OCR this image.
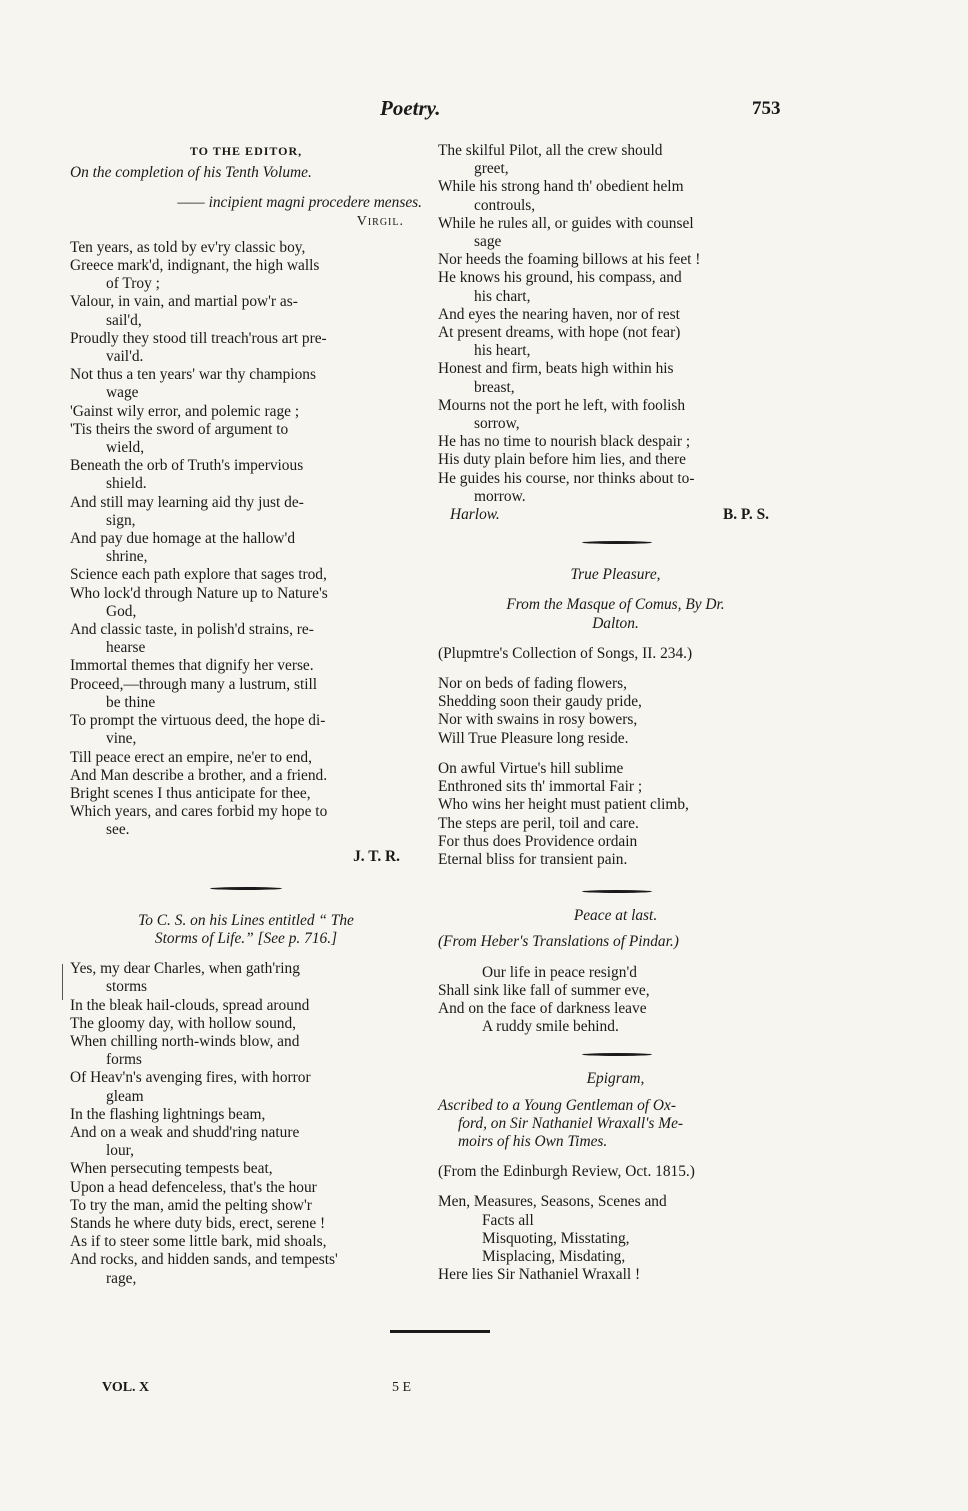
Poetry.	753
TO THE EDITOR,
On the completion of his Tenth Volume.
—— incipient magni procedere menses.
Virgil.
Ten years, as told by ev'ry classic boy,
Greece mark'd, indignant, the high walls
of Troy ;
Valour, in vain, and martial pow'r as-
sail'd,
Proudly they stood till treach'rous art pre-
vail'd.
Not thus a ten years' war thy champions
wage
'Gainst wily error, and polemic rage ;
'Tis theirs the sword of argument to
wield,
Beneath the orb of Truth's impervious
shield.
And still may learning aid thy just de-
sign,
And pay due homage at the hallow'd
shrine,
Science each path explore that sages trod,
Who lock'd through Nature up to Nature's
God,
And classic taste, in polish'd strains, re-
hearse
Immortal themes that dignify her verse.
Proceed,—through many a lustrum, still
be thine
To prompt the virtuous deed, the hope di-
vine,
Till peace erect an empire, ne'er to end,
And Man describe a brother, and a friend.
Bright scenes I thus anticipate for thee,
Which years, and cares forbid my hope to
see.
J. T. R.
To C. S. on his Lines entitled “ The
Storms of Life.” [See p. 716.]
Yes, my dear Charles, when gath'ring
storms
In the bleak hail-clouds, spread around
The gloomy day, with hollow sound,
When chilling north-winds blow, and
forms
Of Heav'n's avenging fires, with horror
gleam
In the flashing lightnings beam,
And on a weak and shudd'ring nature
lour,
When persecuting tempests beat,
Upon a head defenceless, that's the hour
To try the man, amid the pelting show'r
Stands he where duty bids, erect, serene !
As if to steer some little bark, mid shoals,
And rocks, and hidden sands, and tempests'
rage,
The skilful Pilot, all the crew should
greet,
While his strong hand th' obedient helm
controuls,
While he rules all, or guides with counsel
sage
Nor heeds the foaming billows at his feet !
He knows his ground, his compass, and
his chart,
And eyes the nearing haven, nor of rest
At present dreams, with hope (not fear)
his heart,
Honest and firm, beats high within his
breast,
Mourns not the port he left, with foolish
sorrow,
He has no time to nourish black despair ;
His duty plain before him lies, and there
He guides his course, nor thinks about to-
morrow.
Harlow.	B. P. S.
True Pleasure,
From the Masque of Comus, By Dr.
Dalton.
(Plupmtre's Collection of Songs, II. 234.)
Nor on beds of fading flowers,
Shedding soon their gaudy pride,
Nor with swains in rosy bowers,
Will True Pleasure long reside.
On awful Virtue's hill sublime
Enthroned sits th' immortal Fair ;
Who wins her height must patient climb,
The steps are peril, toil and care.
For thus does Providence ordain
Eternal bliss for transient pain.
Peace at last.
(From Heber's Translations of Pindar.)
Our life in peace resign'd
Shall sink like fall of summer eve,
And on the face of darkness leave
A ruddy smile behind.
Epigram,
Ascribed to a Young Gentleman of Ox-
ford, on Sir Nathaniel Wraxall's Me-
moirs of his Own Times.
(From the Edinburgh Review, Oct. 1815.)
Men, Measures, Seasons, Scenes and
Facts all
Misquoting, Misstating,
Misplacing, Misdating,
Here lies Sir Nathaniel Wraxall !
VOL. X	5 E
